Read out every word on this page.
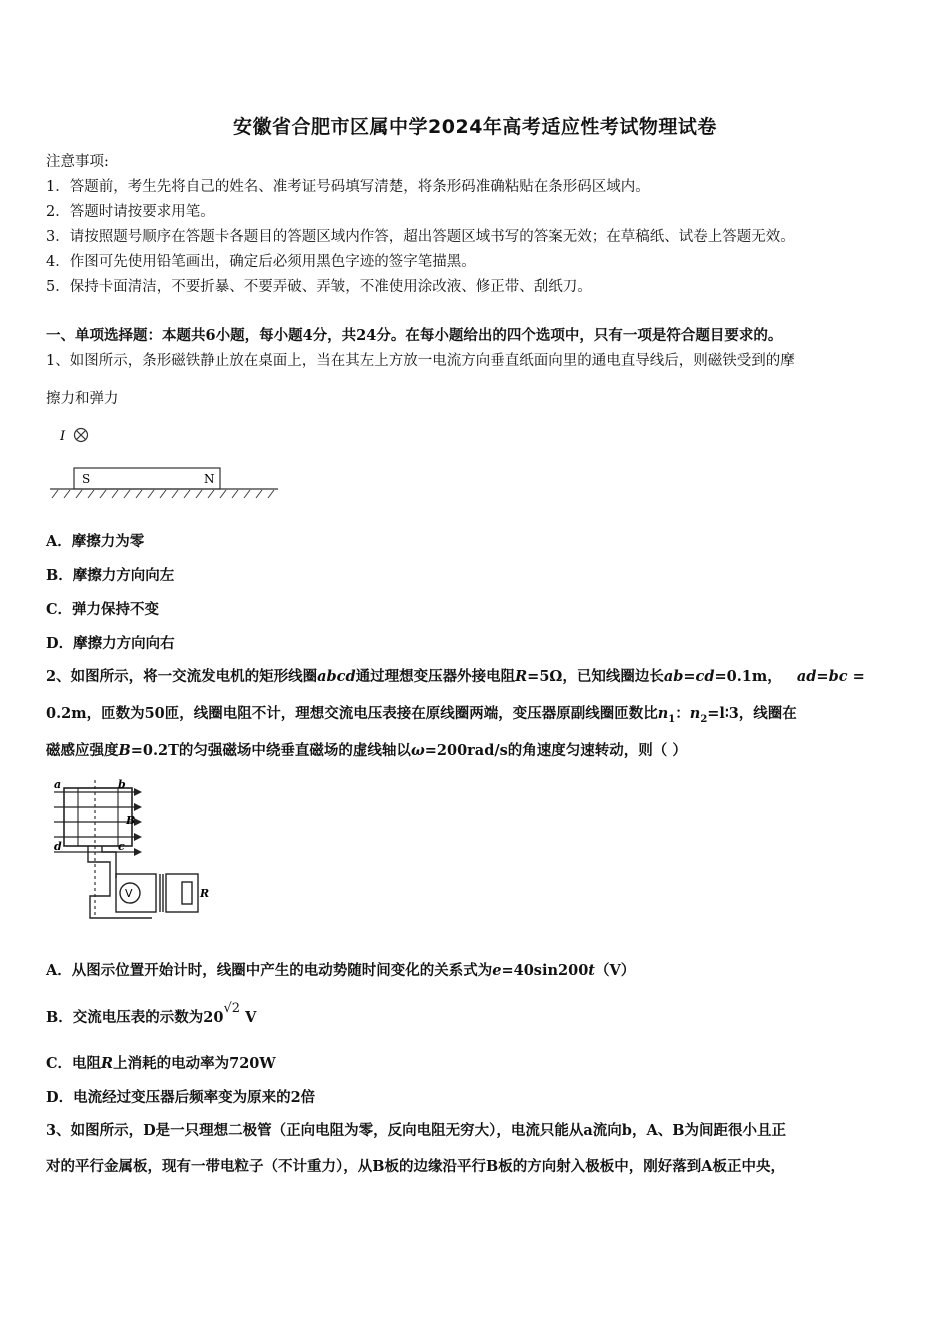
安徽省合肥市区属中学2024年高考适应性考试物理试卷
注意事项:
1．答题前，考生先将自己的姓名、准考证号码填写清楚，将条形码准确粘贴在条形码区域内。
2．答题时请按要求用笔。
3．请按照题号顺序在答题卡各题目的答题区域内作答，超出答题区域书写的答案无效；在草稿纸、试卷上答题无效。
4．作图可先使用铅笔画出，确定后必须用黑色字迹的签字笔描黑。
5．保持卡面清洁，不要折暴、不要弄破、弄皱，不准使用涂改液、修正带、刮纸刀。
一、单项选择题：本题共6小题，每小题4分，共24分。在每小题给出的四个选项中，只有一项是符合题目要求的。
1、如图所示，条形磁铁静止放在桌面上，当在其左上方放一电流方向垂直纸面向里的通电直导线后，则磁铁受到的摩
擦力和弹力
I
S	N
A．摩擦力为零
B．摩擦力方向向左
C．弹力保持不变
D．摩擦力方向向右
2、如图所示，将一交流发电机的矩形线圈abcd通过理想变压器外接电阻R=5Ω，已知线圈边长ab=cd=0.1m， ad=bc =
0.2m，匝数为50匝，线圈电阻不计，理想交流电压表接在原线圈两端，变压器原副线圈匝数比$n_1$：$n_2=l∶3$，线圈在
磁感应强度B=0.2T的匀强磁场中绕垂直磁场的虚线轴以ω=200rad/s的角速度匀速转动，则（ ）
a	b
B
c
d
V	R
A．从图示位置开始计时，线圈中产生的电动势随时间变化的关系式为e=40sin200t（V）
B．交流电压表的示数为20√2 V
C．电阻R上消耗的电动率为720W
D．电流经过变压器后频率变为原来的2倍
3、如图所示，D是一只理想二极管（正向电阻为零，反向电阻无穷大），电流只能从a流向b，A、B为间距很小且正
对的平行金属板，现有一带电粒子（不计重力），从B板的边缘沿平行B板的方向射入极板中，刚好落到A板正中央，
